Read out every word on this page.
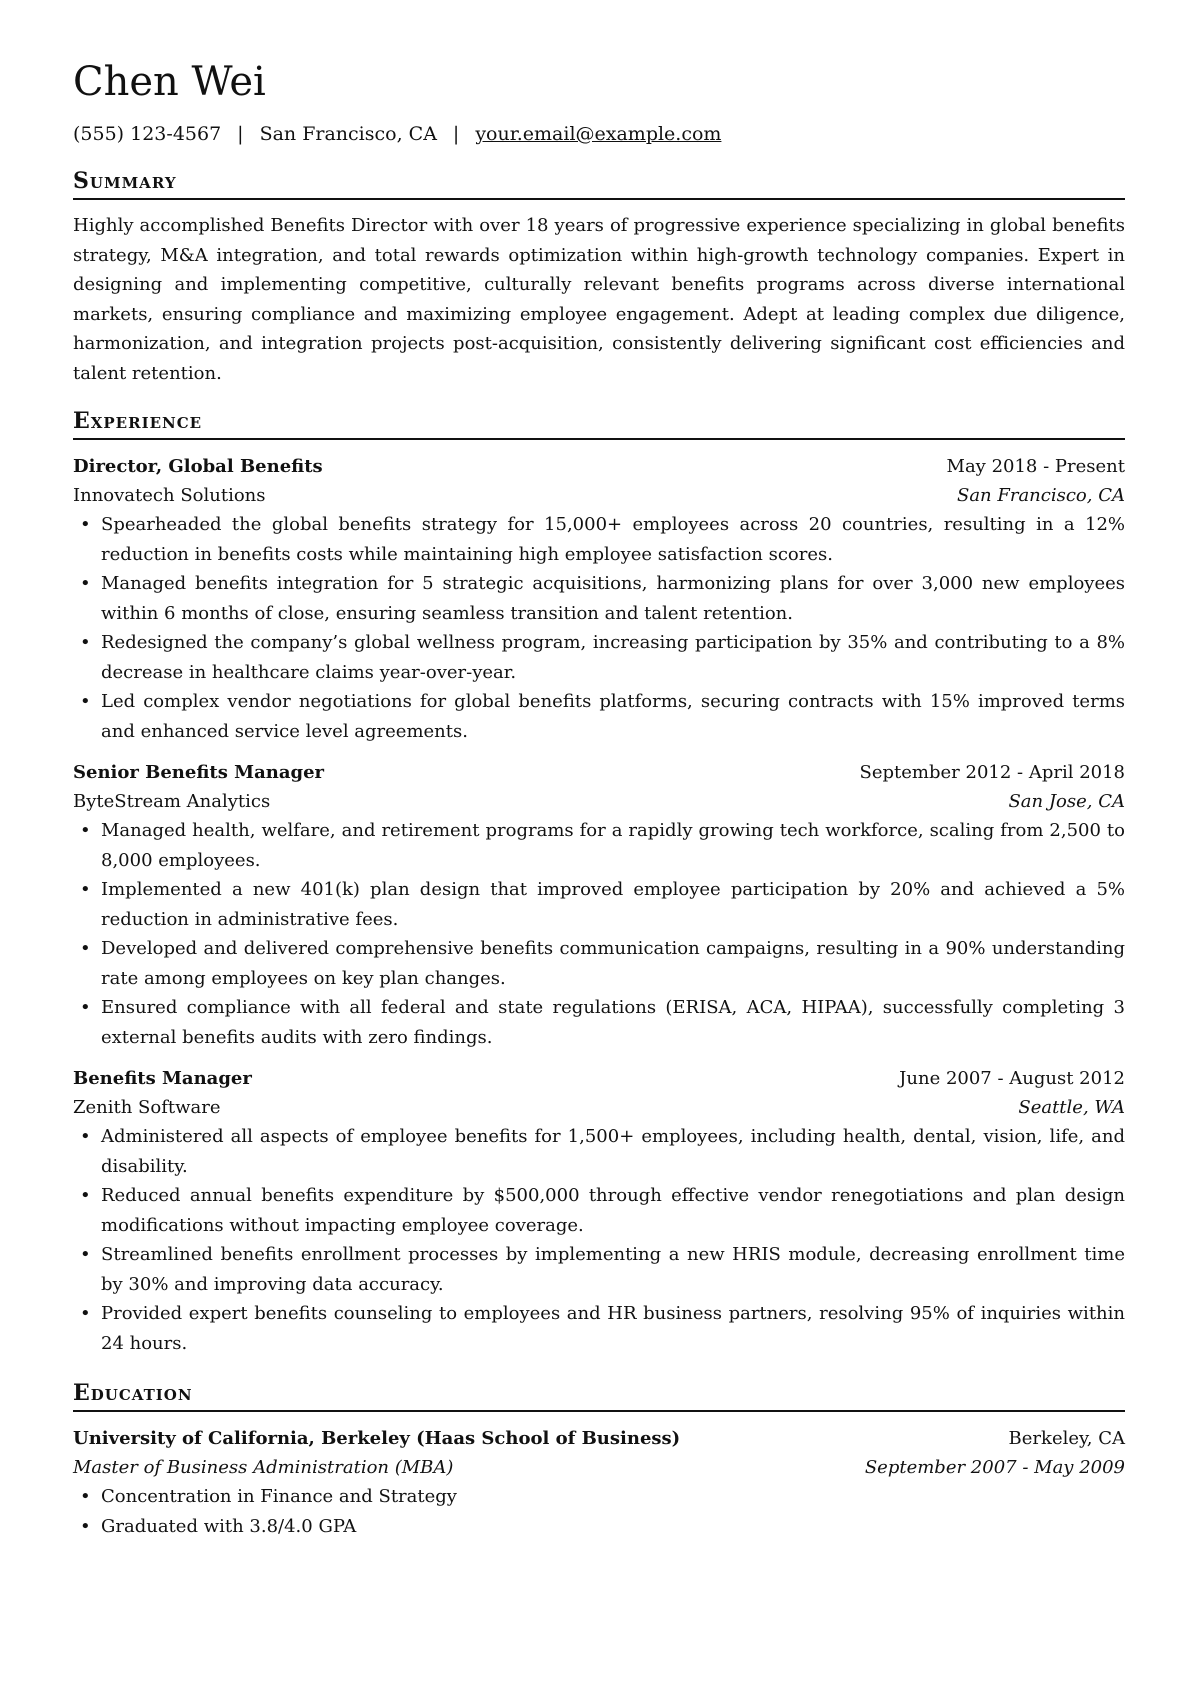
Chen Wei
(555) 123-4567 | San Francisco, CA | your.email@example.com
Summary

Highly accomplished Benefits Director with over 18 years of progressive experience specializing in global benefits strategy, M&A integration, and total rewards optimization within high-growth technology companies. Expert in designing and implementing competitive, culturally relevant benefits programs across diverse international markets, ensuring compliance and maximizing employee engagement. Adept at leading complex due diligence, harmonization, and integration projects post-acquisition, consistently delivering significant cost efficiencies and talent retention.

Experience
Director, Global Benefits	May 2018 - Present
Innovatech Solutions	San Francisco, CA
• Spearheaded the global benefits strategy for 15,000+ employees across 20 countries, resulting in a 12% reduction in benefits costs while maintaining high employee satisfaction scores.
• Managed benefits integration for 5 strategic acquisitions, harmonizing plans for over 3,000 new employees within 6 months of close, ensuring seamless transition and talent retention.
• Redesigned the company’s global wellness program, increasing participation by 35% and contributing to a 8% decrease in healthcare claims year-over-year.
• Led complex vendor negotiations for global benefits platforms, securing contracts with 15% improved terms and enhanced service level agreements.
Senior Benefits Manager	September 2012 - April 2018
ByteStream Analytics	San Jose, CA
• Managed health, welfare, and retirement programs for a rapidly growing tech workforce, scaling from 2,500 to 8,000 employees.
• Implemented a new 401(k) plan design that improved employee participation by 20% and achieved a 5% reduction in administrative fees.
• Developed and delivered comprehensive benefits communication campaigns, resulting in a 90% understanding rate among employees on key plan changes.
• Ensured compliance with all federal and state regulations (ERISA, ACA, HIPAA), successfully completing 3 external benefits audits with zero findings.
Benefits Manager	June 2007 - August 2012
Zenith Software	Seattle, WA
• Administered all aspects of employee benefits for 1,500+ employees, including health, dental, vision, life, and disability.
• Reduced annual benefits expenditure by $500,000 through effective vendor renegotiations and plan design modifications without impacting employee coverage.
• Streamlined benefits enrollment processes by implementing a new HRIS module, decreasing enrollment time by 30% and improving data accuracy.
• Provided expert benefits counseling to employees and HR business partners, resolving 95% of inquiries within 24 hours.
Education
University of California, Berkeley (Haas School of Business)	Berkeley, CA
Master of Business Administration (MBA)	September 2007 - May 2009
• Concentration in Finance and Strategy
• Graduated with 3.8/4.0 GPA
